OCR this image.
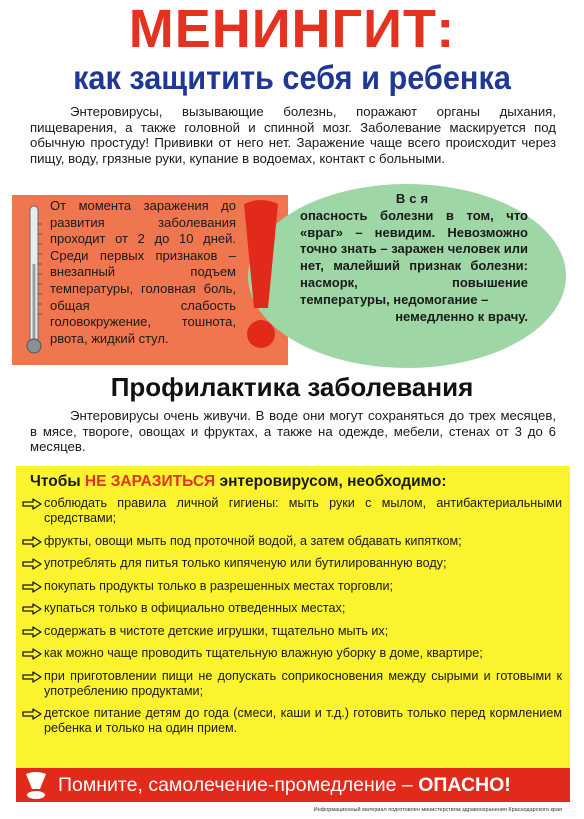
МЕНИНГИТ:
как защитить себя и ребенка
Энтеровирусы, вызывающие болезнь, поражают органы дыхания, пищеварения, а также головной и спинной мозг. Заболевание маскируется под обычную простуду! Прививки от него нет. Заражение чаще всего происходит через пищу, воду, грязные руки, купание в водоемах, контакт с больными.
От момента заражения до развития заболевания проходит от 2 до 10 дней. Среди первых признаков – внезапный подъем температуры, головная боль, общая слабость головокружение, тошнота, рвота, жидкий стул.
Вся
опасность болезни в том, что «враг» – невидим. Невозможно точно знать – заражен человек или нет, малейший признак болезни: насморк, повышение температуры, недомогание –
немедленно к врачу.
Профилактика заболевания
Энтеровирусы очень живучи. В воде они могут сохраняться до трех месяцев, в мясе, твороге, овощах и фруктах, а также на одежде, мебели, стенах от 3 до 6 месяцев.
Чтобы НЕ ЗАРАЗИТЬСЯ энтеровирусом, необходимо:
соблюдать правила личной гигиены: мыть руки с мылом, антибактериальными средствами;
фрукты, овощи мыть под проточной водой, а затем обдавать кипятком;
употреблять для питья только кипяченую или бутилированную воду;
покупать продукты только в разрешенных местах торговли;
купаться только в официально отведенных местах;
содержать в чистоте детские игрушки, тщательно мыть их;
как можно чаще проводить тщательную влажную уборку в доме, квартире;
при приготовлении пищи не допускать соприкосновения между сырыми и готовыми к употреблению продуктами;
детское питание детям до года (смеси, каши и т.д.) готовить только перед кормлением ребенка и только на один прием.
Помните, самолечение-промедление – ОПАСНО!
Информационный материал подготовлен министерством здравоохранения Краснодарского края
